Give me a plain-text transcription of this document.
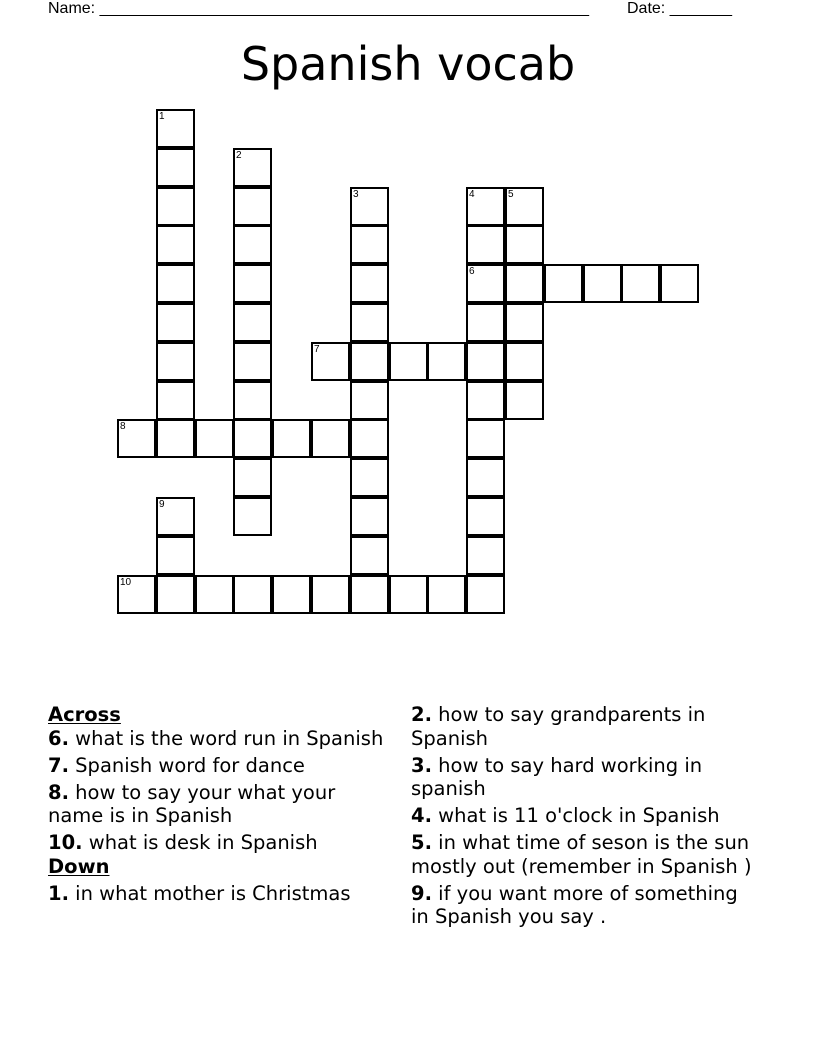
Name: _______________________________________________________ Date: _______
Spanish vocab
1
2
3	4
6
5
7
8
9
10
Across
6. what is the word run in Spanish
7. Spanish word for dance
8. how to say your what your name is in Spanish
10. what is desk in Spanish
Down
1. in what mother is Christmas
2. how to say grandparents in Spanish
3. how to say hard working in spanish
4. what is 11 o'clock in Spanish
5. in what time of seson is the sun mostly out (remember in Spanish )
9. if you want more of something in Spanish you say .
